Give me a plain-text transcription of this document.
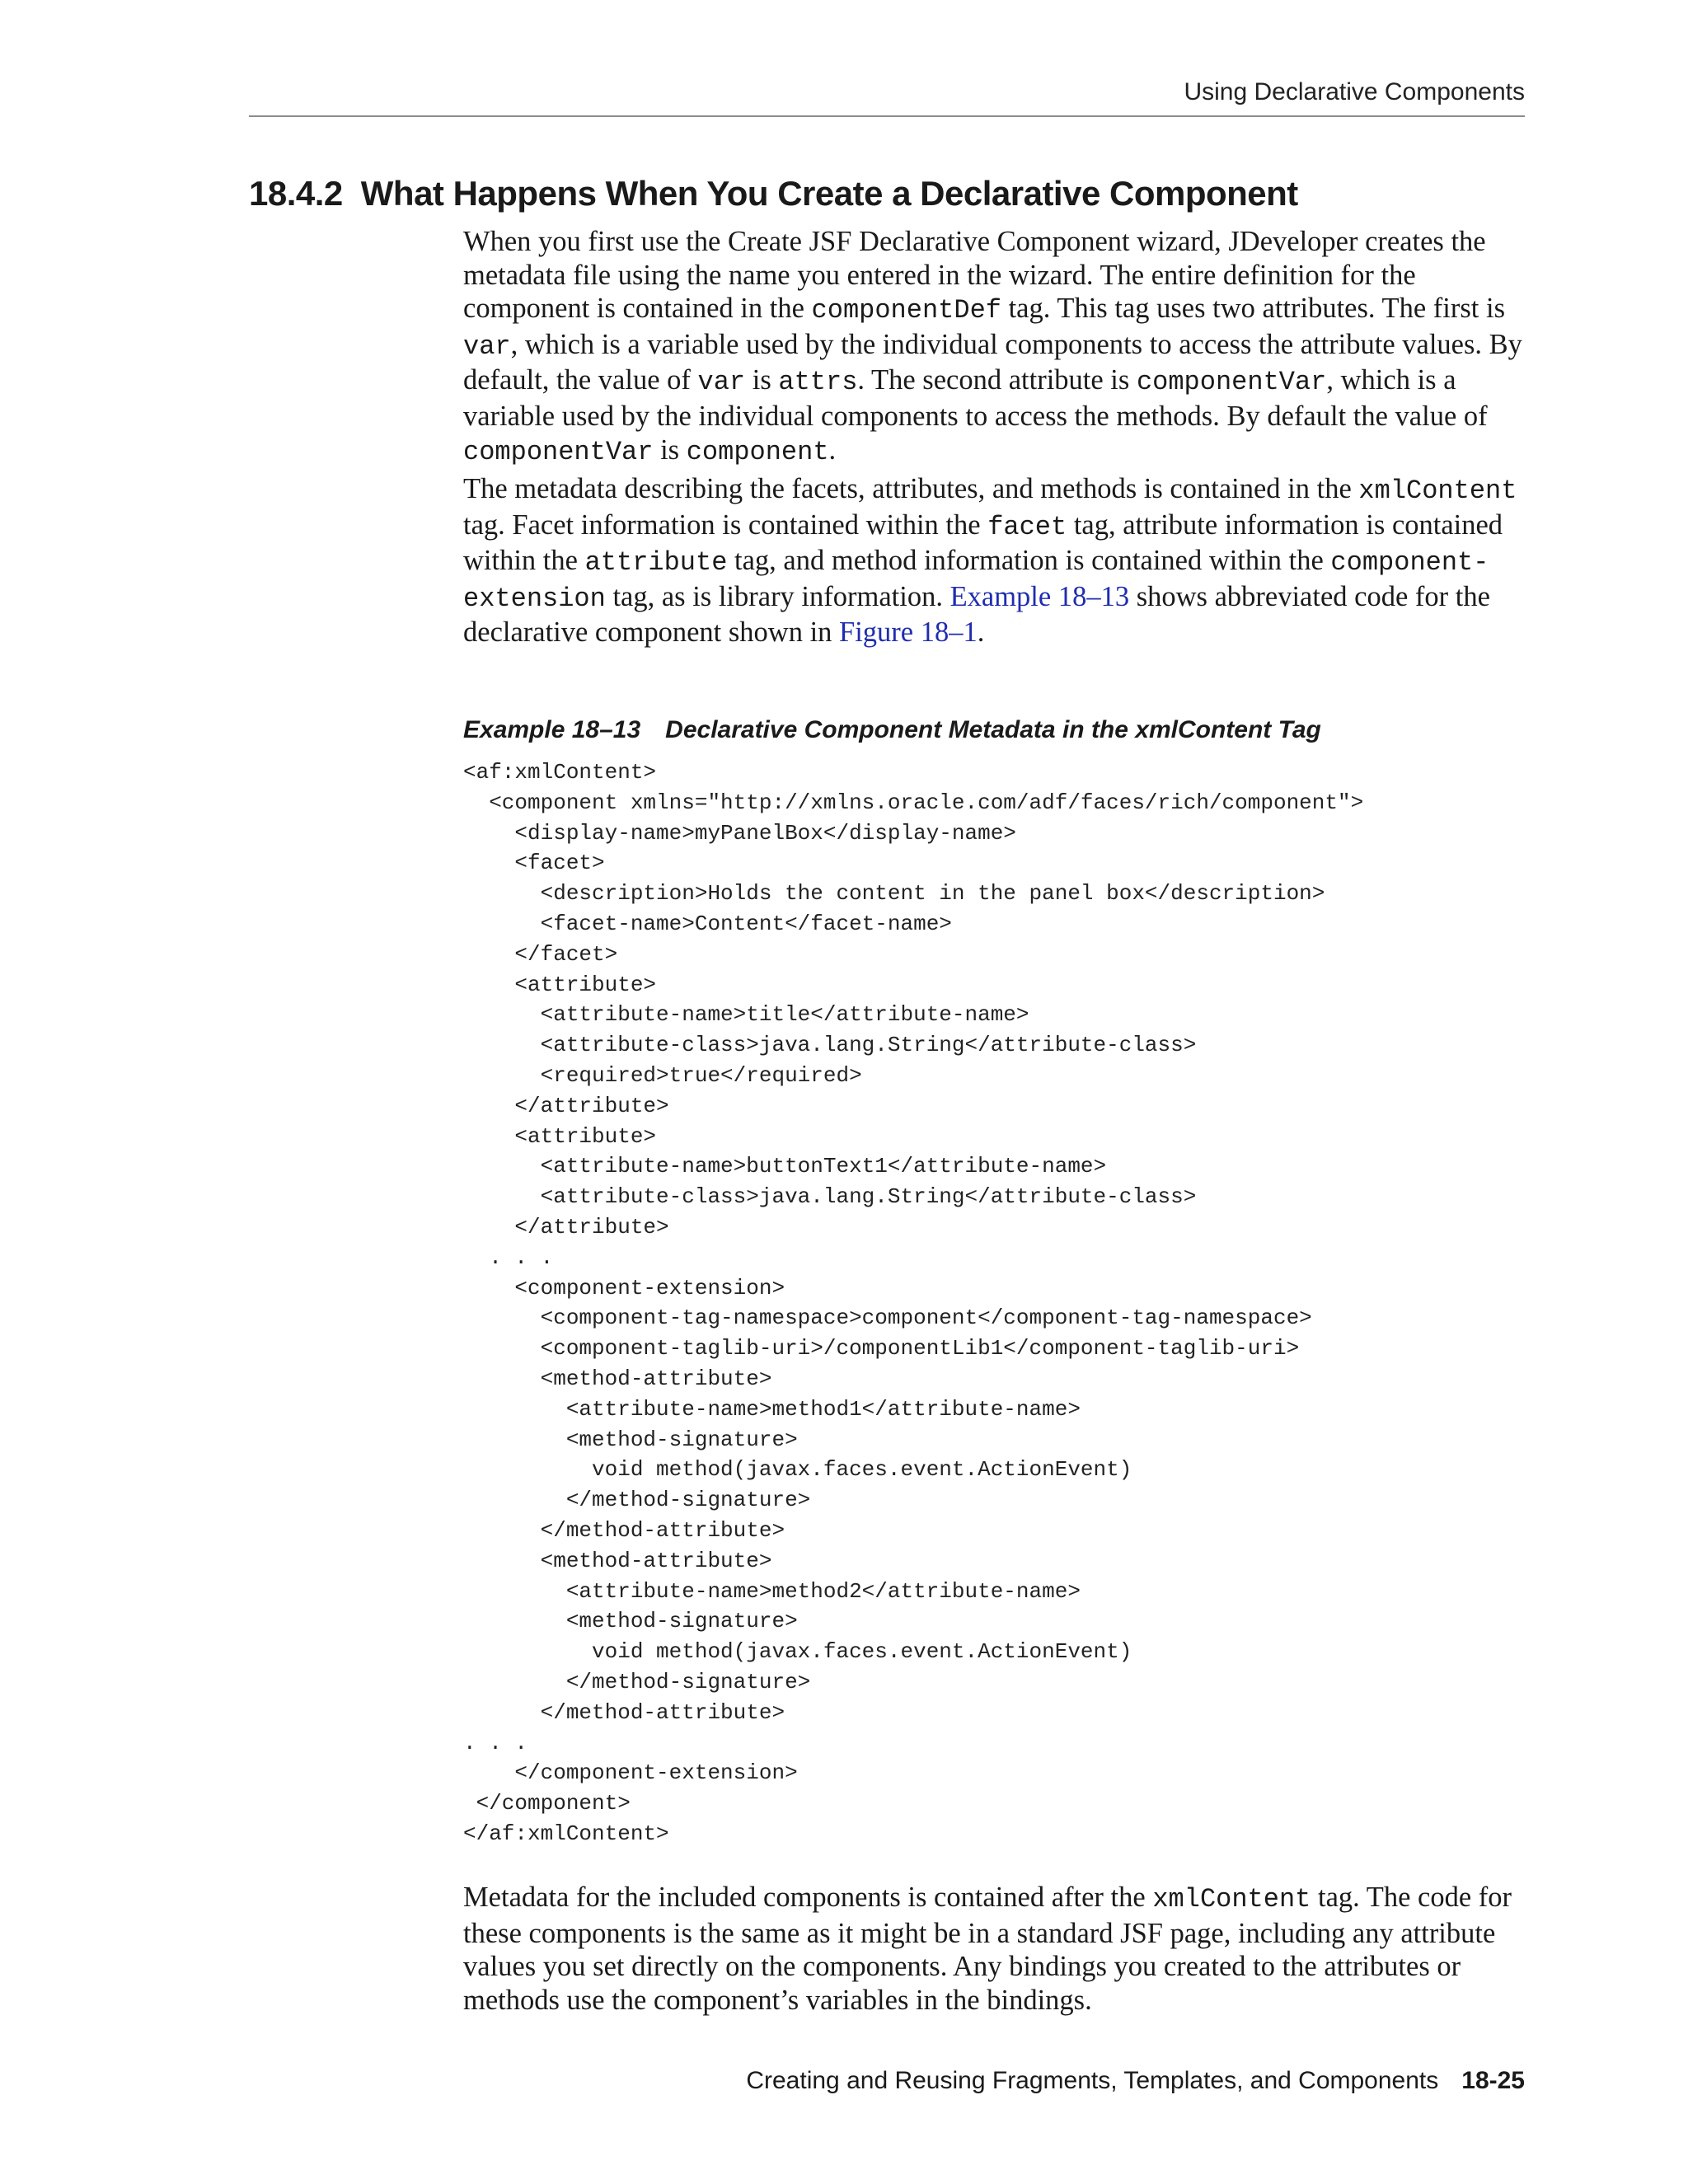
Using Declarative Components
18.4.2 What Happens When You Create a Declarative Component

When you first use the Create JSF Declarative Component wizard, JDeveloper creates the metadata file using the name you entered in the wizard. The entire definition for the component is contained in the componentDef tag. This tag uses two attributes. The first is var, which is a variable used by the individual components to access the attribute values. By default, the value of var is attrs. The second attribute is componentVar, which is a variable used by the individual components to access the methods. By default the value of componentVar is component.

The metadata describing the facets, attributes, and methods is contained in the xmlContent tag. Facet information is contained within the facet tag, attribute information is contained within the attribute tag, and method information is contained within the component-extension tag, as is library information. Example 18–13 shows abbreviated code for the declarative component shown in Figure 18–1.

Example 18–13 Declarative Component Metadata in the xmlContent Tag
<af:xmlContent>
<component xmlns="http://xmlns.oracle.com/adf/faces/rich/component">
<display-name>myPanelBox</display-name>
<facet>
<description>Holds the content in the panel box</description>
<facet-name>Content</facet-name>
</facet>
<attribute>
<attribute-name>title</attribute-name>
<attribute-class>java.lang.String</attribute-class>
<required>true</required>
</attribute>
<attribute>
<attribute-name>buttonText1</attribute-name>
<attribute-class>java.lang.String</attribute-class>
</attribute>
. . .
<component-extension>
<component-tag-namespace>component</component-tag-namespace>
<component-taglib-uri>/componentLib1</component-taglib-uri>
<method-attribute>
<attribute-name>method1</attribute-name>
<method-signature>
void method(javax.faces.event.ActionEvent)
</method-signature>
</method-attribute>
<method-attribute>
<attribute-name>method2</attribute-name>
<method-signature>
void method(javax.faces.event.ActionEvent)
</method-signature>
</method-attribute>
. . .
</component-extension>
</component>
</af:xmlContent>

Metadata for the included components is contained after the xmlContent tag. The code for these components is the same as it might be in a standard JSF page, including any attribute values you set directly on the components. Any bindings you created to the attributes or methods use the component’s variables in the bindings.

Creating and Reusing Fragments, Templates, and Components 18-25
